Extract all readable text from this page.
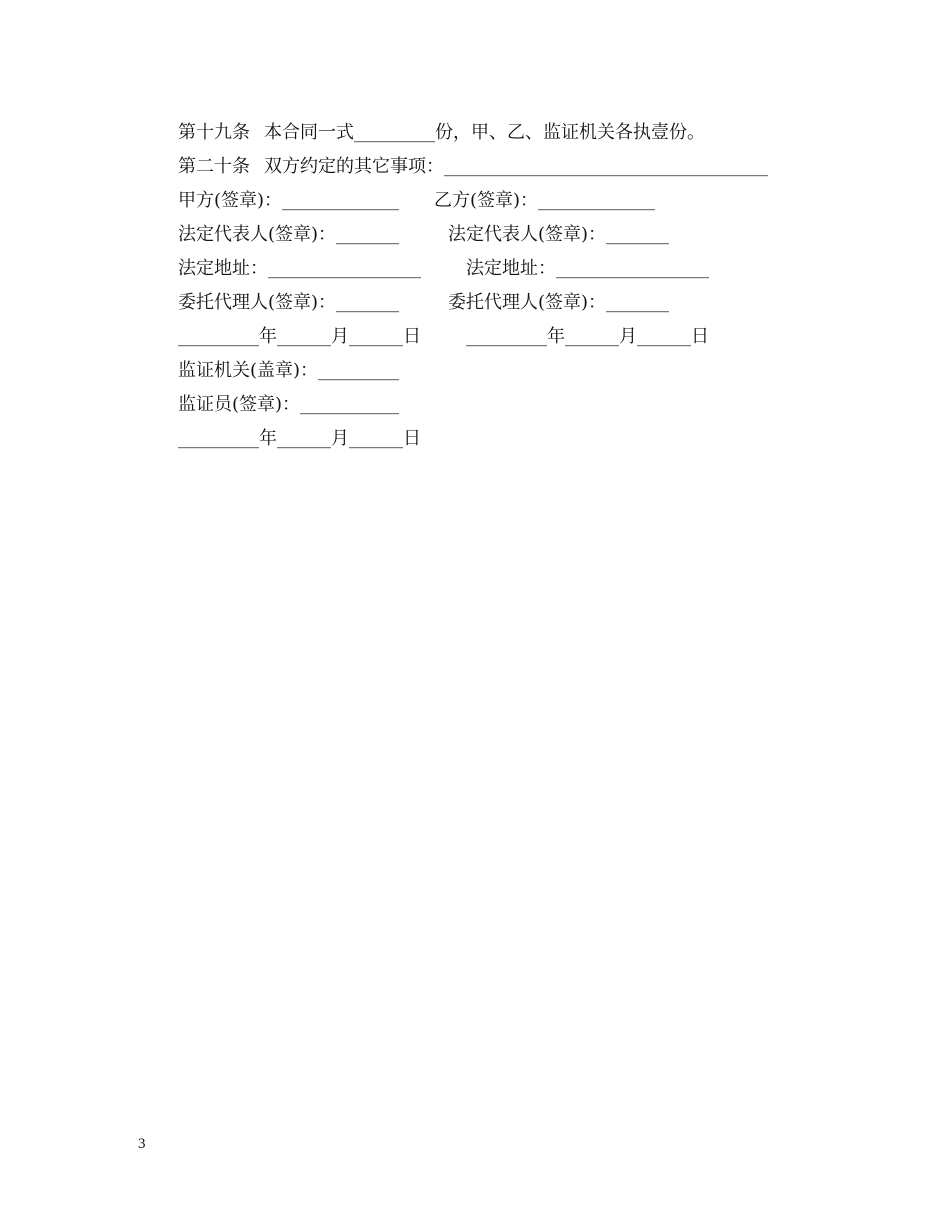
第十九条 本合同一式_________份，甲、乙、监证机关各执壹份。
第二十条 双方约定的其它事项：____________________________________
甲方(签章)：_____________ 乙方(签章)：_____________
法定代表人(签章)：_______	法定代表人(签章)：_______
法定地址：_________________	法定地址：_________________
委托代理人(签章)：_______	委托代理人(签章)：_______
_________年______月______日	_________年______月______日
监证机关(盖章)：_________
监证员(签章)：___________
_________年______月______日
3
